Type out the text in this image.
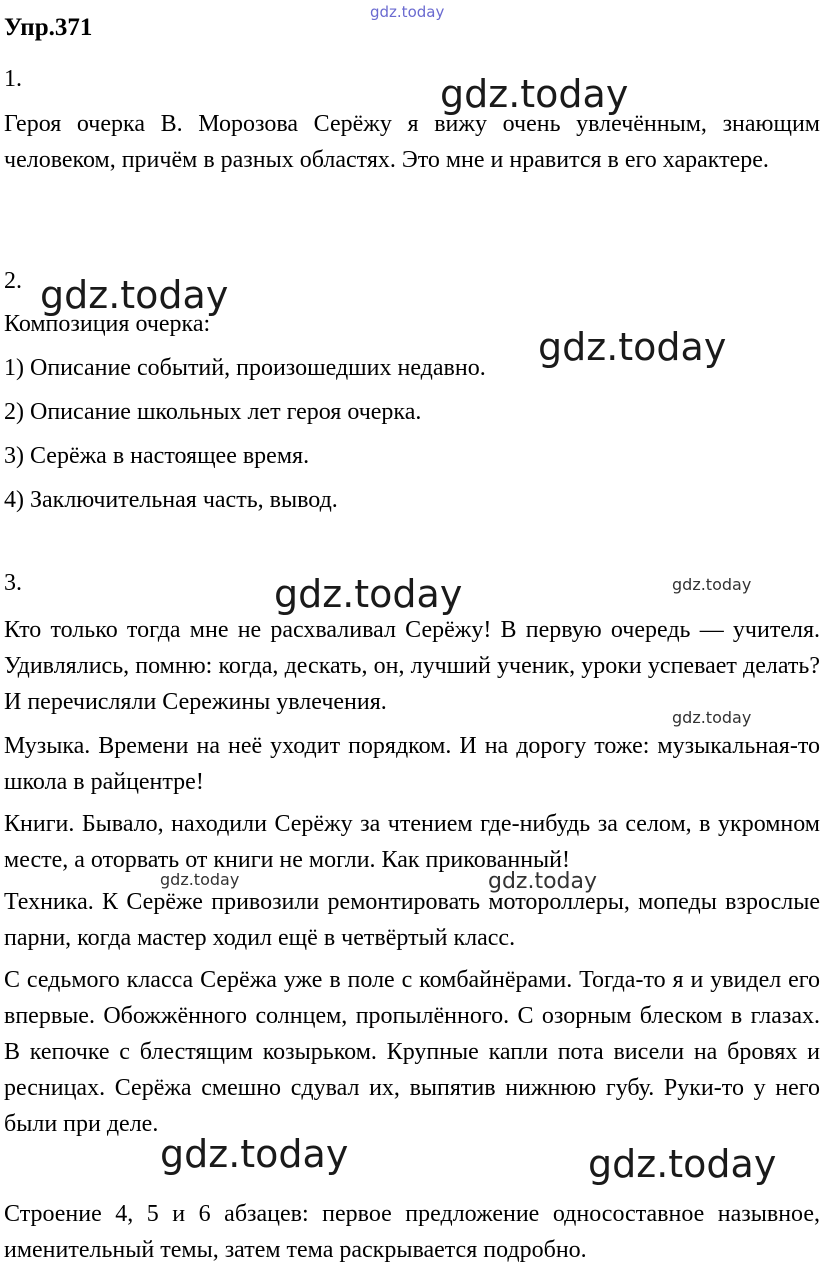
gdz.today
Упр.371
1.

Героя очерка В. Морозова Серёжу я вижу очень увлечённым, знающим человеком, причём в разных областях. Это мне и нравится в его характере.

2.

Композиция очерка:

1) Описание событий, произошедших недавно.

2) Описание школьных лет героя очерка.

3) Серёжа в настоящее время.

4) Заключительная часть, вывод.

3.

Кто только тогда мне не расхваливал Серёжу! В первую очередь — учителя. Удивлялись, помню: когда, дескать, он, лучший ученик, уроки успевает делать? И перечисляли Сережины увлечения.

Музыка. Времени на неё уходит порядком. И на дорогу тоже: музыкальная-то школа в райцентре!

Книги. Бывало, находили Серёжу за чтением где-нибудь за селом, в укромном месте, а оторвать от книги не могли. Как прикованный!

Техника. К Серёже привозили ремонтировать мотороллеры, мопеды взрослые парни, когда мастер ходил ещё в четвёртый класс.

С седьмого класса Серёжа уже в поле с комбайнёрами. Тогда-то я и увидел его впервые. Обожжённого солнцем, пропылённого. С озорным блеском в глазах. В кепочке с блестящим козырьком. Крупные капли пота висели на бровях и ресницах. Серёжа смешно сдувал их, выпятив нижнюю губу. Руки-то у него были при деле.

Строение 4, 5 и 6 абзацев: первое предложение односоставное назывное, именительный темы, затем тема раскрывается подробно.

gdz.today
gdz.today
gdz.today
gdz.today	gdz.today
gdz.today
gdz.today	gdz.today
gdz.today	gdz.today
